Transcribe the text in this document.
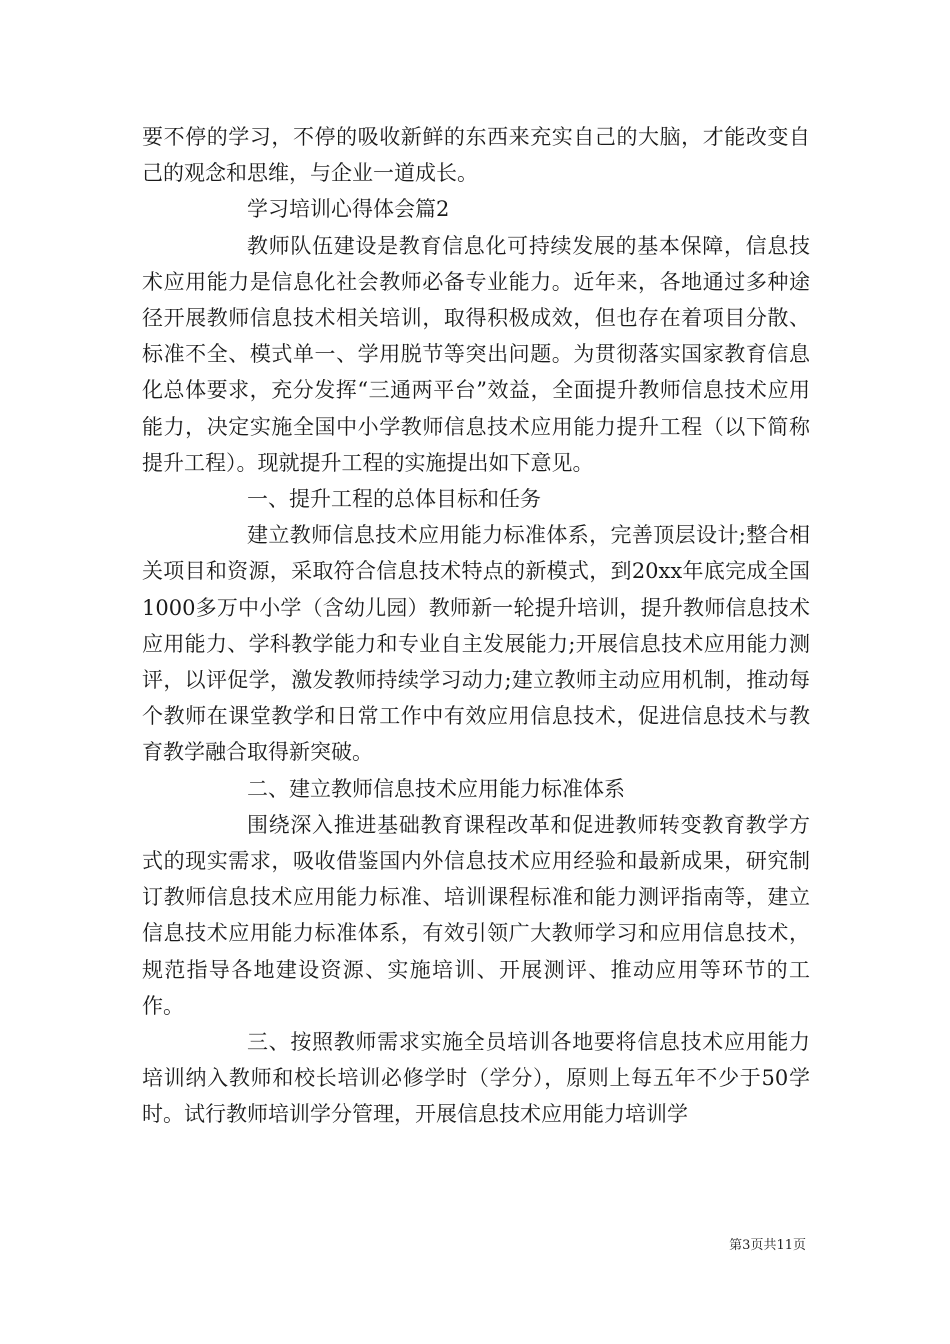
要不停的学习，不停的吸收新鲜的东西来充实自己的大脑，才能改变自己的观念和思维，与企业一道成长。

学习培训心得体会篇2

教师队伍建设是教育信息化可持续发展的基本保障，信息技术应用能力是信息化社会教师必备专业能力。近年来，各地通过多种途径开展教师信息技术相关培训，取得积极成效，但也存在着项目分散、标准不全、模式单一、学用脱节等突出问题。为贯彻落实国家教育信息化总体要求，充分发挥“三通两平台”效益，全面提升教师信息技术应用能力，决定实施全国中小学教师信息技术应用能力提升工程（以下简称提升工程）。现就提升工程的实施提出如下意见。

一、提升工程的总体目标和任务

建立教师信息技术应用能力标准体系，完善顶层设计;整合相关项目和资源，采取符合信息技术特点的新模式，到20xx年底完成全国1000多万中小学（含幼儿园）教师新一轮提升培训，提升教师信息技术应用能力、学科教学能力和专业自主发展能力;开展信息技术应用能力测评，以评促学，激发教师持续学习动力;建立教师主动应用机制，推动每个教师在课堂教学和日常工作中有效应用信息技术，促进信息技术与教育教学融合取得新突破。

二、建立教师信息技术应用能力标准体系

围绕深入推进基础教育课程改革和促进教师转变教育教学方式的现实需求，吸收借鉴国内外信息技术应用经验和最新成果，研究制订教师信息技术应用能力标准、培训课程标准和能力测评指南等，建立信息技术应用能力标准体系，有效引领广大教师学习和应用信息技术，规范指导各地建设资源、实施培训、开展测评、推动应用等环节的工作。

三、按照教师需求实施全员培训各地要将信息技术应用能力培训纳入教师和校长培训必修学时（学分），原则上每五年不少于50学时。试行教师培训学分管理，开展信息技术应用能力培训学

第3页共11页
